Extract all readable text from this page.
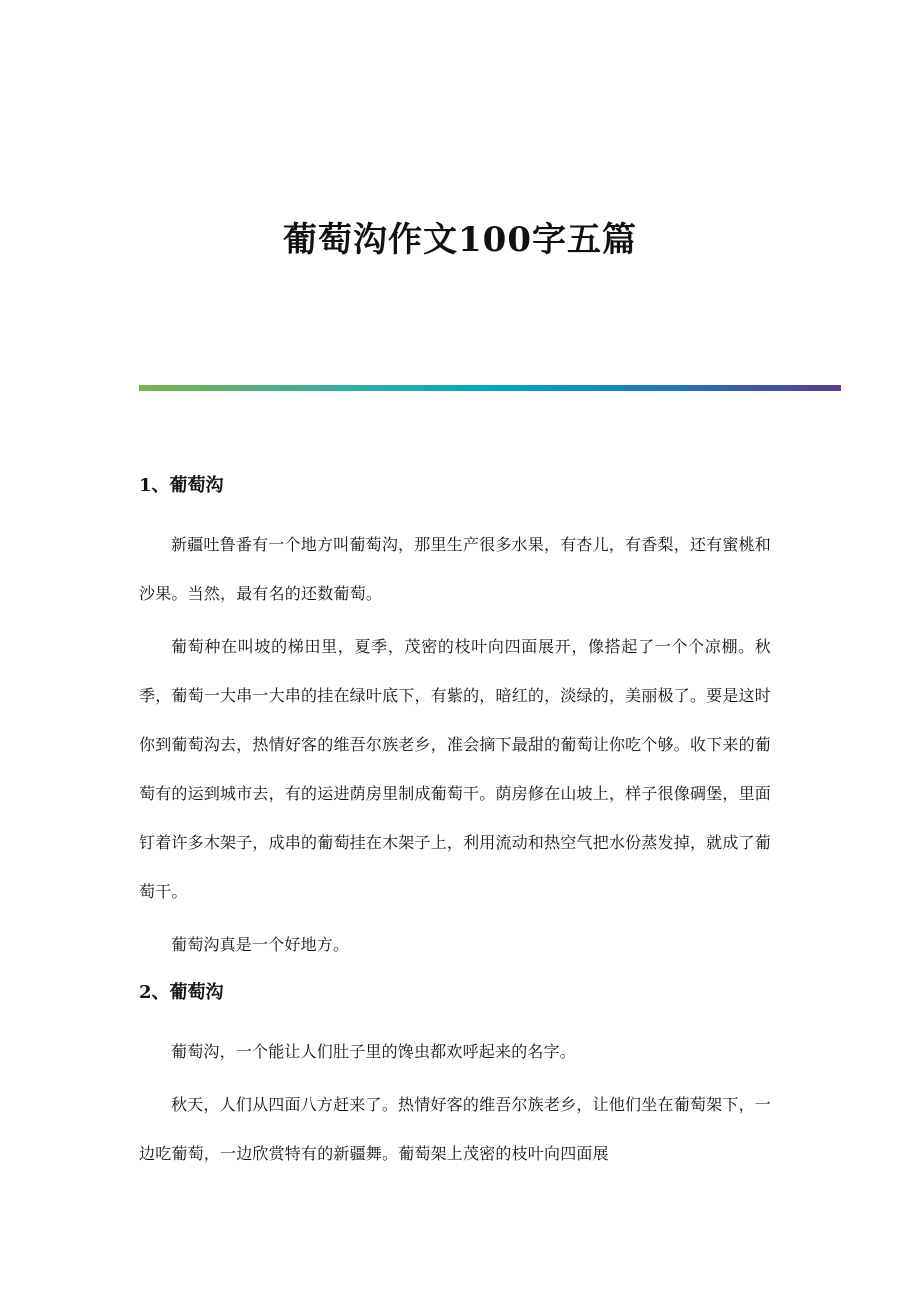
葡萄沟作文100字五篇
1、葡萄沟

新疆吐鲁番有一个地方叫葡萄沟，那里生产很多水果，有杏儿，有香梨，还有蜜桃和沙果。当然，最有名的还数葡萄。

葡萄种在叫坡的梯田里，夏季，茂密的枝叶向四面展开，像搭起了一个个凉棚。秋季，葡萄一大串一大串的挂在绿叶底下，有紫的，暗红的，淡绿的，美丽极了。要是这时你到葡萄沟去，热情好客的维吾尔族老乡，准会摘下最甜的葡萄让你吃个够。收下来的葡萄有的运到城市去，有的运进荫房里制成葡萄干。荫房修在山坡上，样子很像碉堡，里面钉着许多木架子，成串的葡萄挂在木架子上，利用流动和热空气把水份蒸发掉，就成了葡萄干。

葡萄沟真是一个好地方。

2、葡萄沟

葡萄沟，一个能让人们肚子里的馋虫都欢呼起来的名字。

秋天，人们从四面八方赶来了。热情好客的维吾尔族老乡，让他们坐在葡萄架下，一边吃葡萄，一边欣赏特有的新疆舞。葡萄架上茂密的枝叶向四面展
